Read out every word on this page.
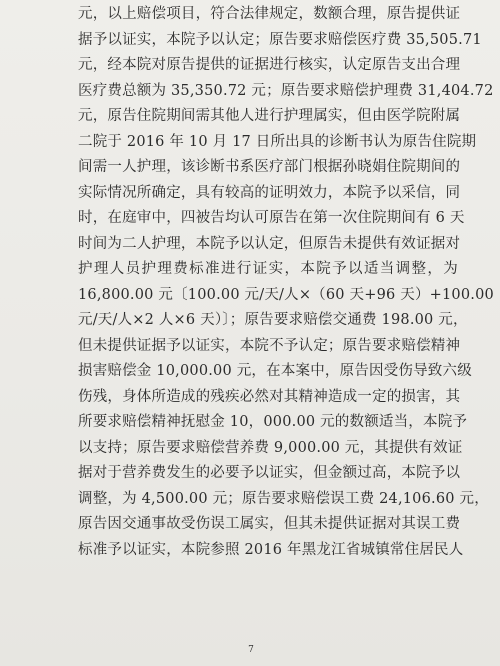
元，以上赔偿项目，符合法律规定，数额合理，原告提供证
据予以证实，本院予以认定；原告要求赔偿医疗费 35,505.71
元，经本院对原告提供的证据进行核实，认定原告支出合理
医疗费总额为 35,350.72 元；原告要求赔偿护理费 31,404.72
元，原告住院期间需其他人进行护理属实，但由医学院附属
二院于 2016 年 10 月 17 日所出具的诊断书认为原告住院期
间需一人护理，该诊断书系医疗部门根据孙晓娟住院期间的
实际情况所确定，具有较高的证明效力，本院予以采信，同
时，在庭审中，四被告均认可原告在第一次住院期间有 6 天
时间为二人护理，本院予以认定，但原告未提供有效证据对
护理人员护理费标准进行证实，本院予以适当调整，为
16,800.00 元〔100.00 元/天/人×（60 天+96 天）+100.00
元/天/人×2 人×6 天）〕；原告要求赔偿交通费 198.00 元，
但未提供证据予以证实，本院不予认定；原告要求赔偿精神
损害赔偿金 10,000.00 元，在本案中，原告因受伤导致六级
伤残，身体所造成的残疾必然对其精神造成一定的损害，其
所要求赔偿精神抚慰金 10，000.00 元的数额适当，本院予
以支持；原告要求赔偿营养费 9,000.00 元，其提供有效证
据对于营养费发生的必要予以证实，但金额过高，本院予以
调整，为 4,500.00 元；原告要求赔偿误工费 24,106.60 元，
原告因交通事故受伤误工属实，但其未提供证据对其误工费
标准予以证实，本院参照 2016 年黑龙江省城镇常住居民人
7
